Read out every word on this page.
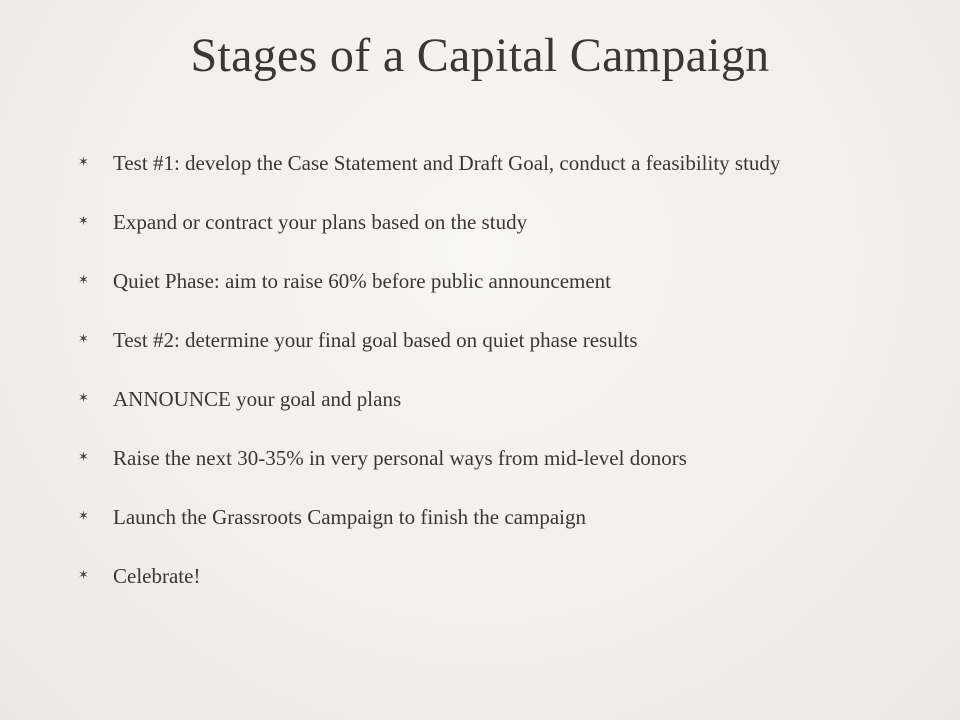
Stages of a Capital Campaign
✶ Test #1: develop the Case Statement and Draft Goal, conduct a feasibility study
✶ Expand or contract your plans based on the study
✶ Quiet Phase: aim to raise 60% before public announcement
✶ Test #2: determine your final goal based on quiet phase results
✶ ANNOUNCE your goal and plans
✶ Raise the next 30-35% in very personal ways from mid-level donors
✶ Launch the Grassroots Campaign to finish the campaign
✶ Celebrate!
